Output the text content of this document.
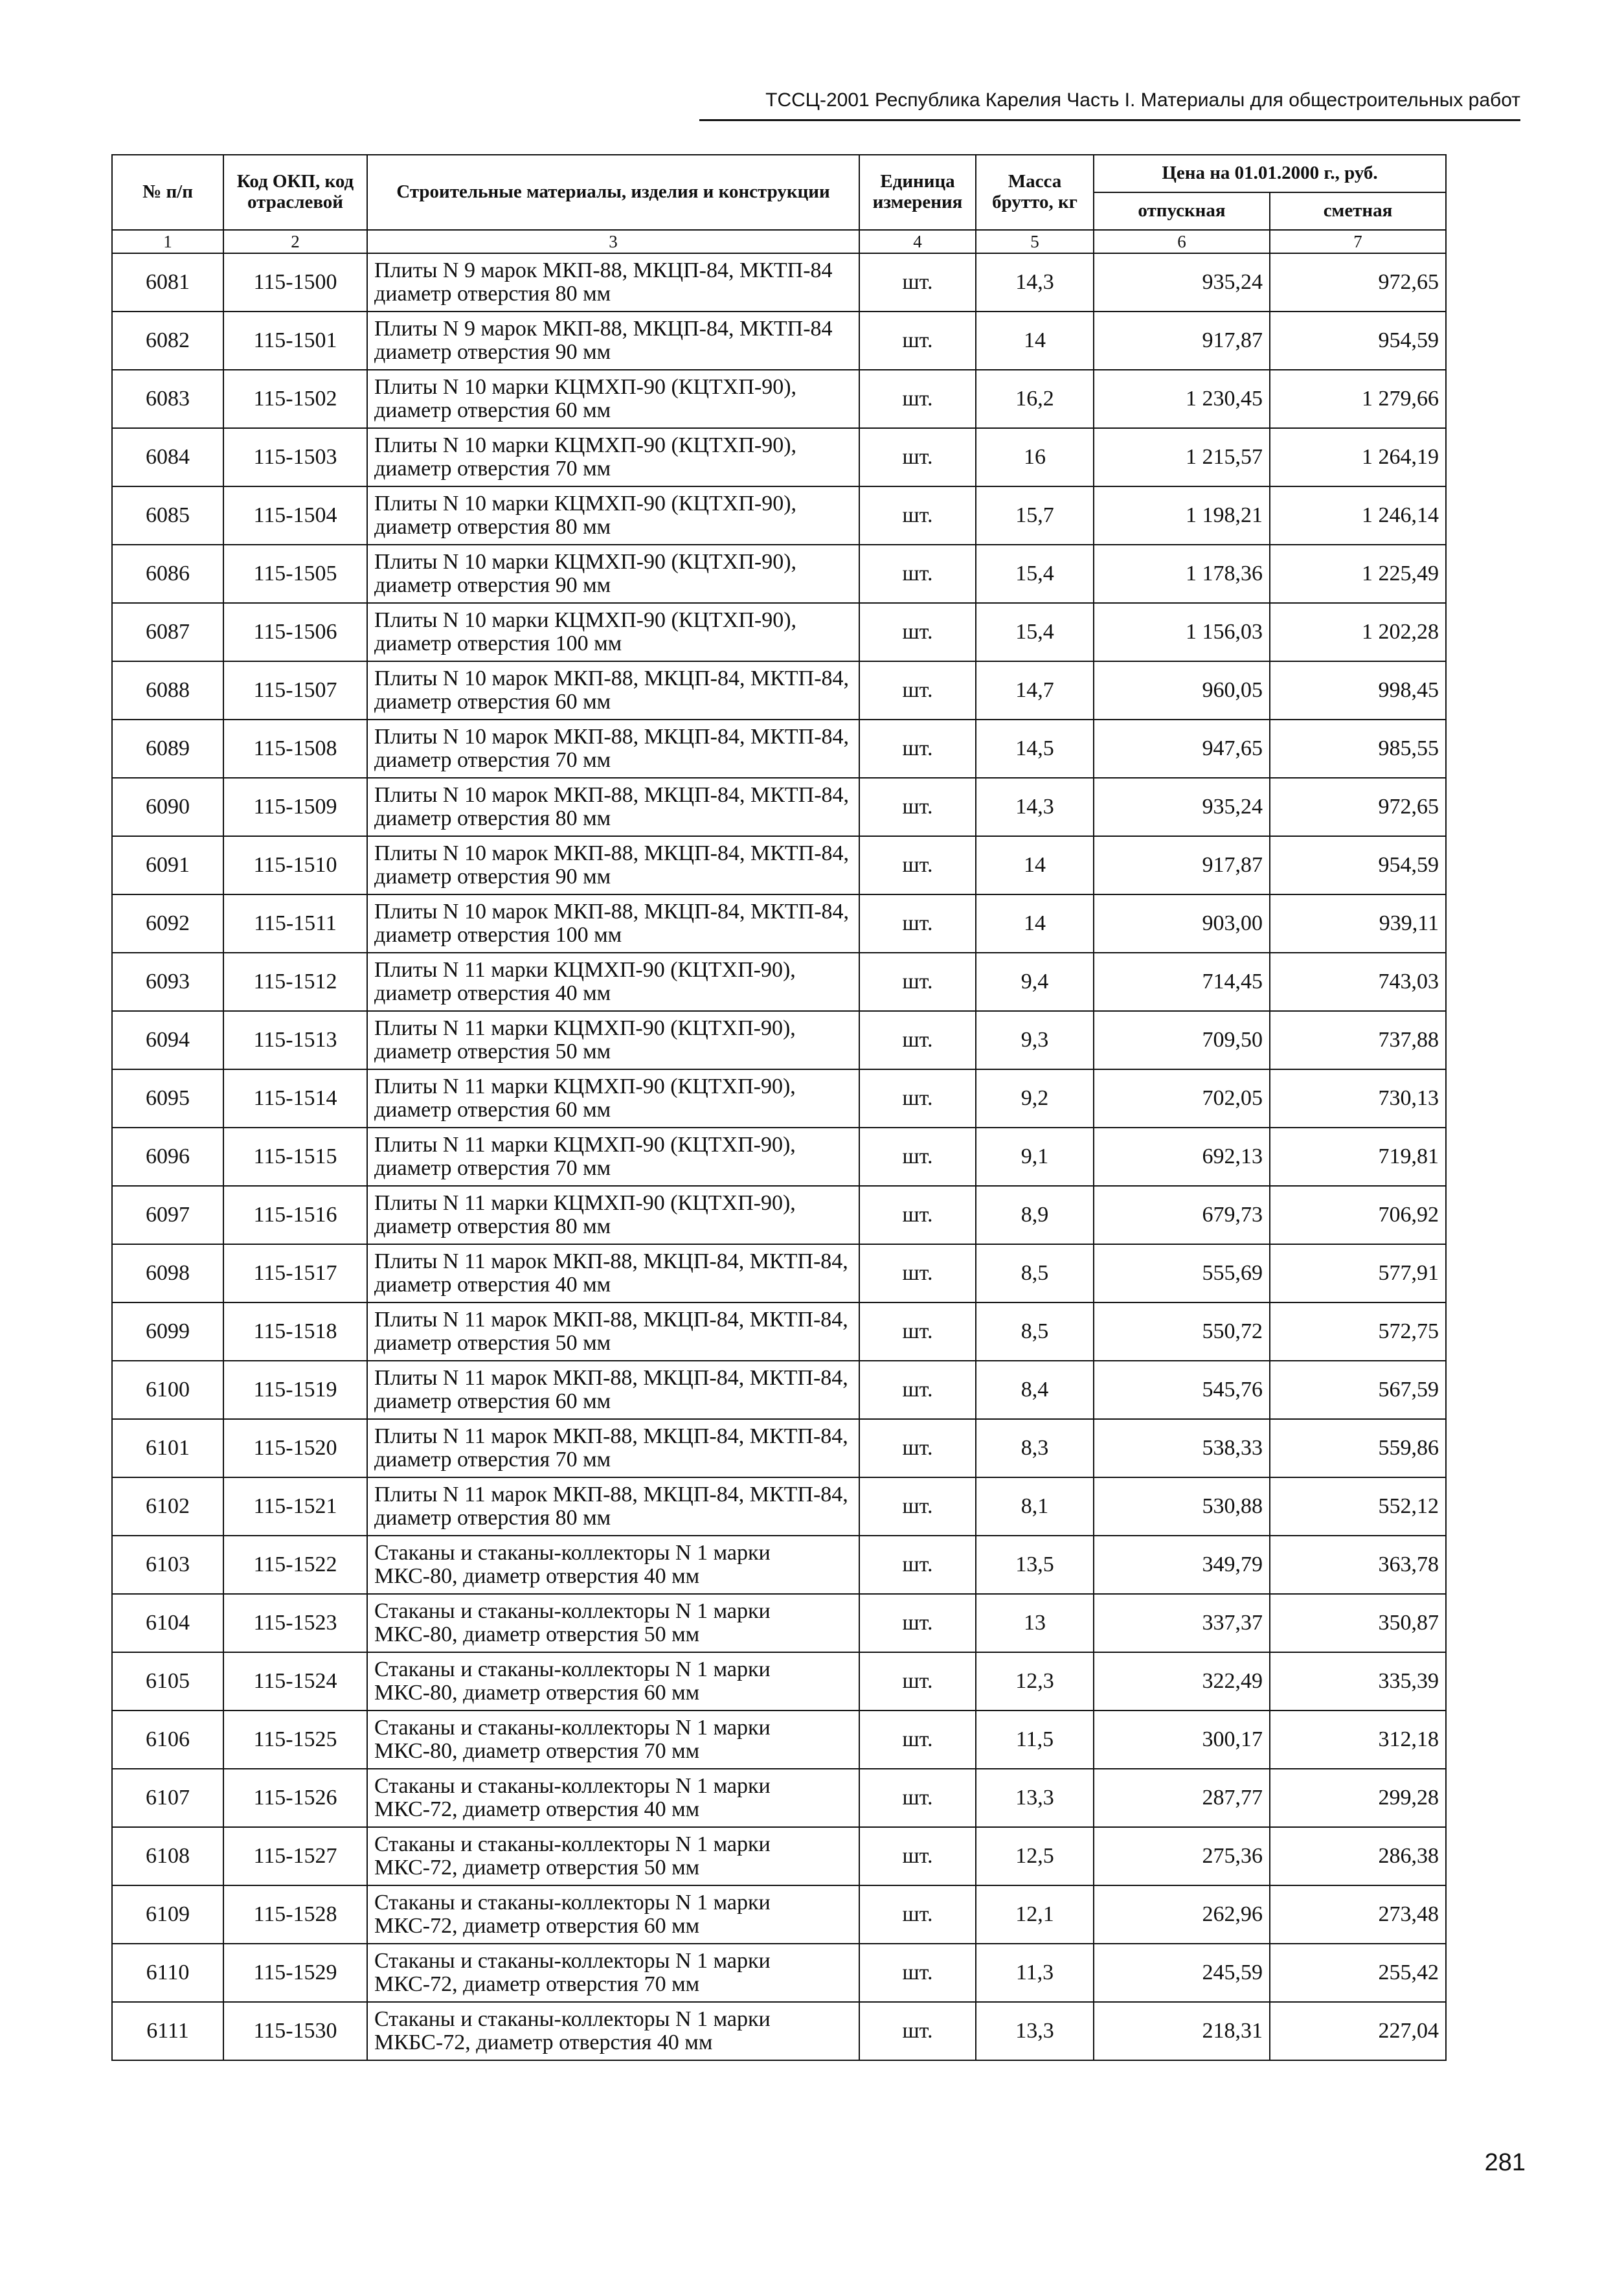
ТССЦ-2001 Республика Карелия Часть I. Материалы для общестроительных работ
№ п/п	Код ОКП, код отраслевой	Строительные материалы, изделия и конструкции	Единица измерения	Масса брутто, кг	Цена на 01.01.2000 г., руб.	
					отпускная	сметная
1	2	3	4	5	6	7
6081	115-1500	Плиты N 9 марок МКП-88, МКЦП-84, МКТП-84 диаметр отверстия 80 мм	шт.	14,3	935,24	972,65
6082	115-1501	Плиты N 9 марок МКП-88, МКЦП-84, МКТП-84 диаметр отверстия 90 мм	шт.	14	917,87	954,59
6083	115-1502	Плиты N 10 марки КЦМХП-90 (КЦТХП-90), диаметр отверстия 60 мм	шт.	16,2	1 230,45	1 279,66
6084	115-1503	Плиты N 10 марки КЦМХП-90 (КЦТХП-90), диаметр отверстия 70 мм	шт.	16	1 215,57	1 264,19
6085	115-1504	Плиты N 10 марки КЦМХП-90 (КЦТХП-90), диаметр отверстия 80 мм	шт.	15,7	1 198,21	1 246,14
6086	115-1505	Плиты N 10 марки КЦМХП-90 (КЦТХП-90), диаметр отверстия 90 мм	шт.	15,4	1 178,36	1 225,49
6087	115-1506	Плиты N 10 марки КЦМХП-90 (КЦТХП-90), диаметр отверстия 100 мм	шт.	15,4	1 156,03	1 202,28
6088	115-1507	Плиты N 10 марок МКП-88, МКЦП-84, МКТП-84, диаметр отверстия 60 мм	шт.	14,7	960,05	998,45
6089	115-1508	Плиты N 10 марок МКП-88, МКЦП-84, МКТП-84, диаметр отверстия 70 мм	шт.	14,5	947,65	985,55
6090	115-1509	Плиты N 10 марок МКП-88, МКЦП-84, МКТП-84, диаметр отверстия 80 мм	шт.	14,3	935,24	972,65
6091	115-1510	Плиты N 10 марок МКП-88, МКЦП-84, МКТП-84, диаметр отверстия 90 мм	шт.	14	917,87	954,59
6092	115-1511	Плиты N 10 марок МКП-88, МКЦП-84, МКТП-84, диаметр отверстия 100 мм	шт.	14	903,00	939,11
6093	115-1512	Плиты N 11 марки КЦМХП-90 (КЦТХП-90), диаметр отверстия 40 мм	шт.	9,4	714,45	743,03
6094	115-1513	Плиты N 11 марки КЦМХП-90 (КЦТХП-90), диаметр отверстия 50 мм	шт.	9,3	709,50	737,88
6095	115-1514	Плиты N 11 марки КЦМХП-90 (КЦТХП-90), диаметр отверстия 60 мм	шт.	9,2	702,05	730,13
6096	115-1515	Плиты N 11 марки КЦМХП-90 (КЦТХП-90), диаметр отверстия 70 мм	шт.	9,1	692,13	719,81
6097	115-1516	Плиты N 11 марки КЦМХП-90 (КЦТХП-90), диаметр отверстия 80 мм	шт.	8,9	679,73	706,92
6098	115-1517	Плиты N 11 марок МКП-88, МКЦП-84, МКТП-84, диаметр отверстия 40 мм	шт.	8,5	555,69	577,91
6099	115-1518	Плиты N 11 марок МКП-88, МКЦП-84, МКТП-84, диаметр отверстия 50 мм	шт.	8,5	550,72	572,75
6100	115-1519	Плиты N 11 марок МКП-88, МКЦП-84, МКТП-84, диаметр отверстия 60 мм	шт.	8,4	545,76	567,59
6101	115-1520	Плиты N 11 марок МКП-88, МКЦП-84, МКТП-84, диаметр отверстия 70 мм	шт.	8,3	538,33	559,86
6102	115-1521	Плиты N 11 марок МКП-88, МКЦП-84, МКТП-84, диаметр отверстия 80 мм	шт.	8,1	530,88	552,12
6103	115-1522	Стаканы и стаканы-коллекторы N 1 марки МКС-80, диаметр отверстия 40 мм	шт.	13,5	349,79	363,78
6104	115-1523	Стаканы и стаканы-коллекторы N 1 марки МКС-80, диаметр отверстия 50 мм	шт.	13	337,37	350,87
6105	115-1524	Стаканы и стаканы-коллекторы N 1 марки МКС-80, диаметр отверстия 60 мм	шт.	12,3	322,49	335,39
6106	115-1525	Стаканы и стаканы-коллекторы N 1 марки МКС-80, диаметр отверстия 70 мм	шт.	11,5	300,17	312,18
6107	115-1526	Стаканы и стаканы-коллекторы N 1 марки МКС-72, диаметр отверстия 40 мм	шт.	13,3	287,77	299,28
6108	115-1527	Стаканы и стаканы-коллекторы N 1 марки МКС-72, диаметр отверстия 50 мм	шт.	12,5	275,36	286,38
6109	115-1528	Стаканы и стаканы-коллекторы N 1 марки МКС-72, диаметр отверстия 60 мм	шт.	12,1	262,96	273,48
6110	115-1529	Стаканы и стаканы-коллекторы N 1 марки МКС-72, диаметр отверстия 70 мм	шт.	11,3	245,59	255,42
6111	115-1530	Стаканы и стаканы-коллекторы N 1 марки МКБС-72, диаметр отверстия 40 мм	шт.	13,3	218,31	227,04
281
